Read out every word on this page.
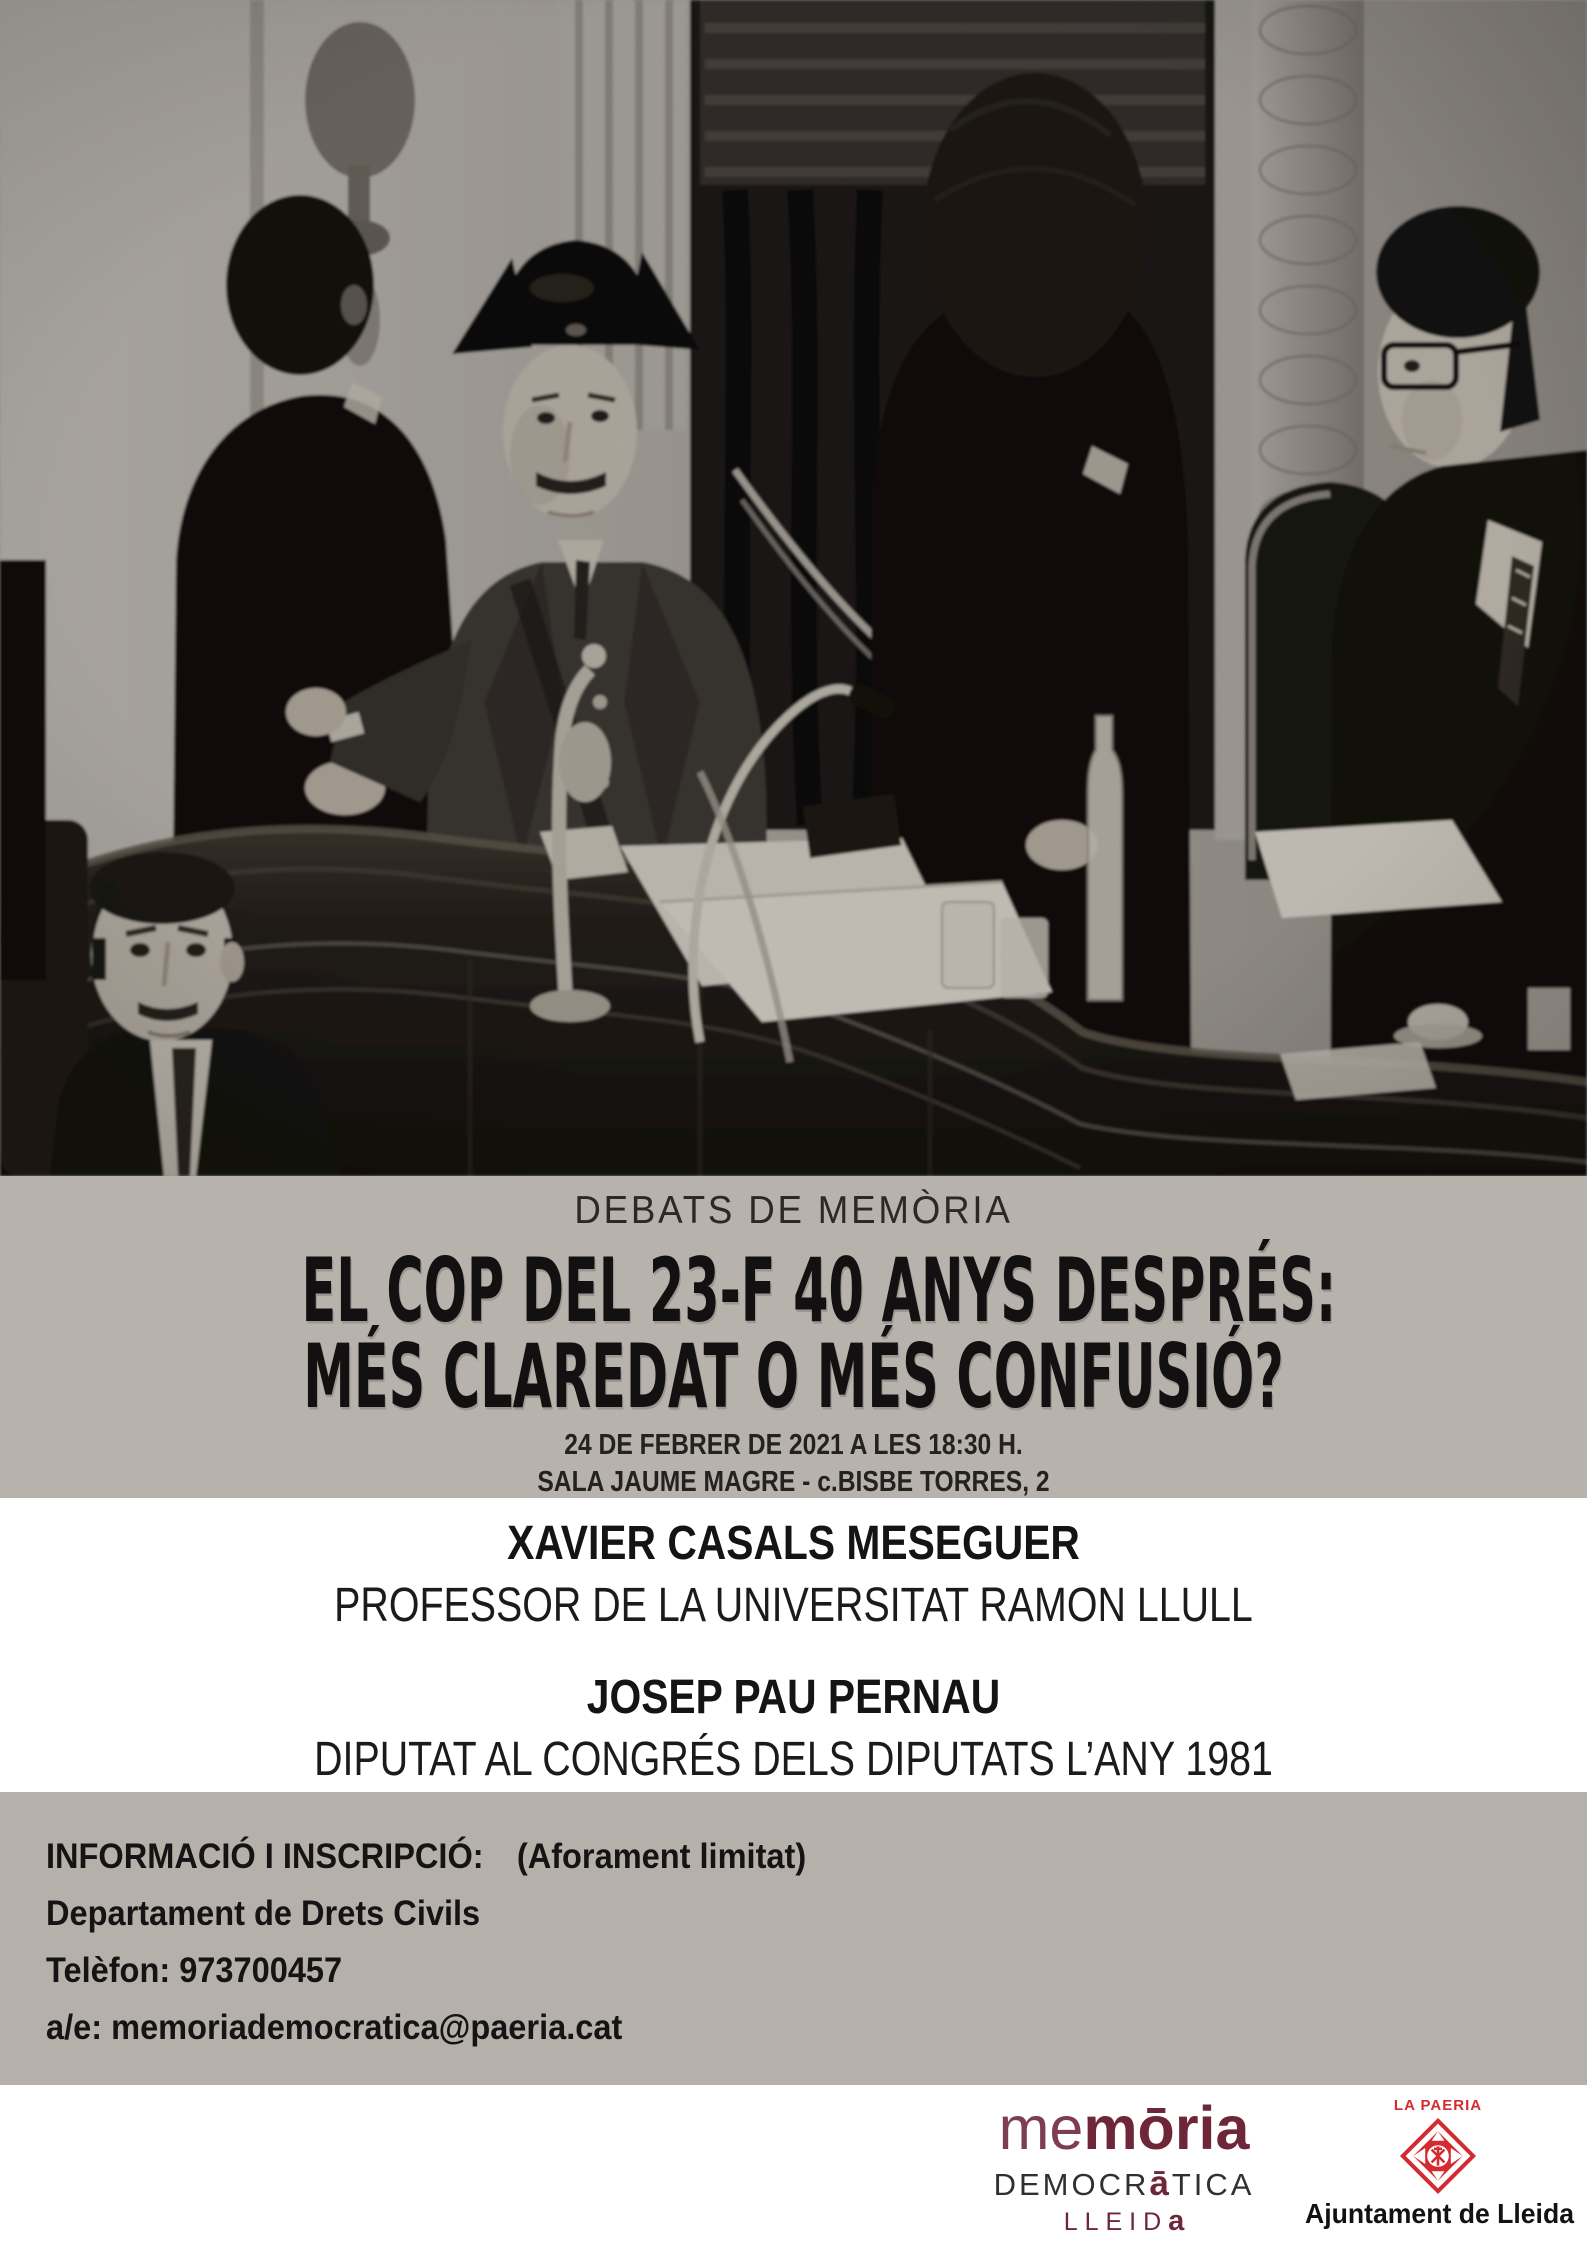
DEBATS DE MEMÒRIA
EL COP DEL 23-F 40 ANYS DESPRÉS:
MÉS CLAREDAT O MÉS CONFUSIÓ?
24 DE FEBRER DE 2021 A LES 18:30 H.
SALA JAUME MAGRE - c.BISBE TORRES, 2
XAVIER CASALS MESEGUER
PROFESSOR DE LA UNIVERSITAT RAMON LLULL
JOSEP PAU PERNAU
DIPUTAT AL CONGRÉS DELS DIPUTATS L’ANY 1981
INFORMACIÓ I INSCRIPCIÓ: (Aforament limitat)
Departament de Drets Civils
Telèfon: 973700457
a/e: memoriademocratica@paeria.cat
memōria
DEMOCRāTICA
LLEIDa
LA PAERIA
Ajuntament de Lleida
